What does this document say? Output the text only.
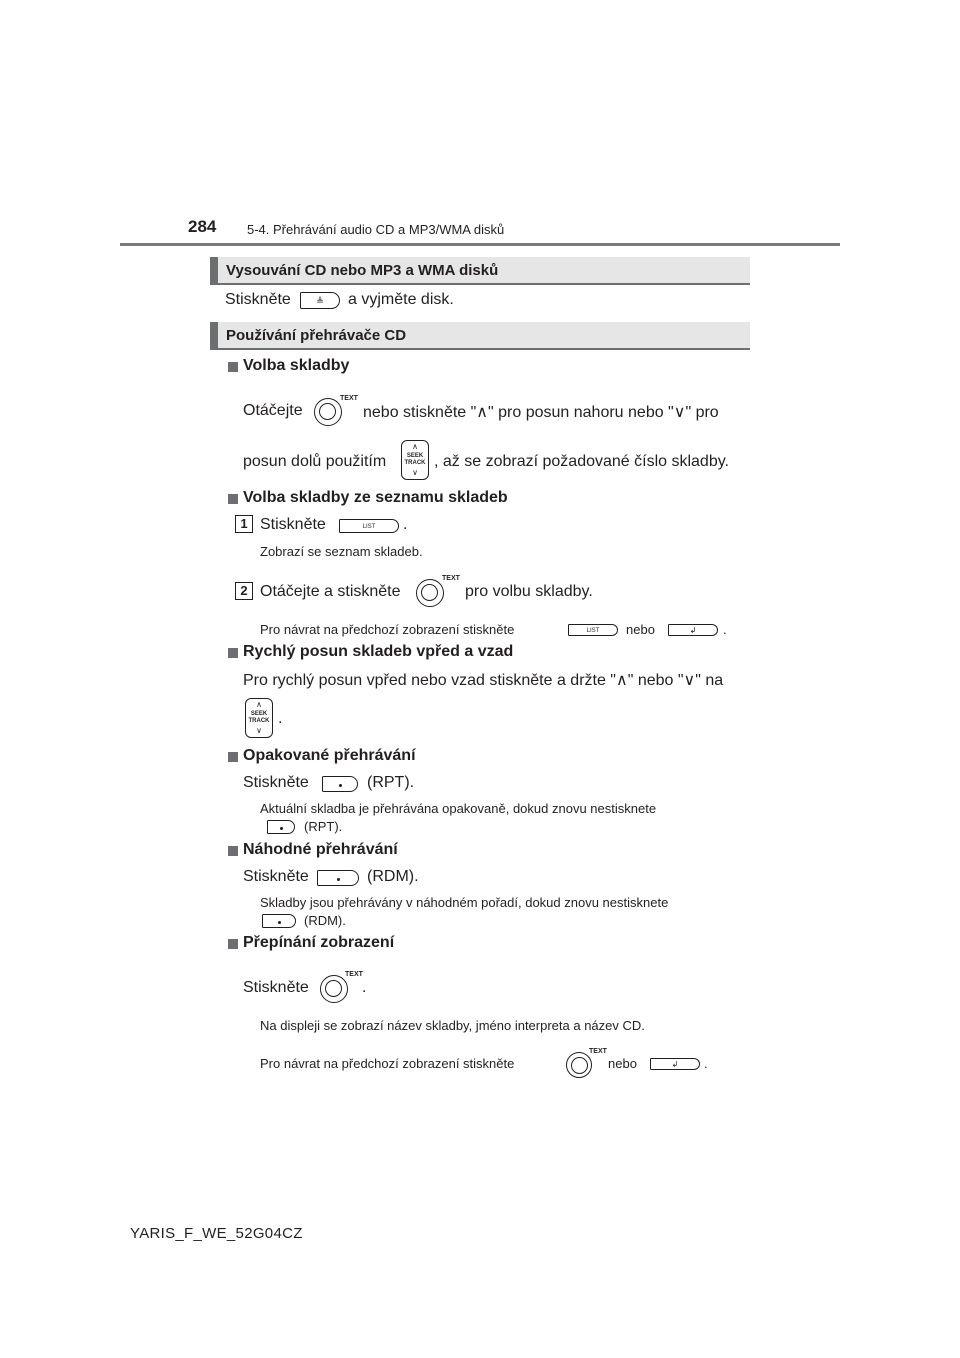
284 5-4. Přehrávání audio CD a MP3/WMA disků
Vysouvání CD nebo MP3 a WMA disků
Stiskněte	≜	a vyjměte disk.
Používání přehrávače CD
Volba skladby
Otáčejte
TEXT
nebo stiskněte "∧" pro posun nahoru nebo "∨" pro
posun dolů použitím
∧
SEEK
TRACK
∨
, až se zobrazí požadované číslo skladby.
Volba skladby ze seznamu skladeb
1 Stiskněte	LIST	.
Zobrazí se seznam skladeb.
2 Otáčejte a stiskněte
TEXT
pro volbu skladby.
Pro návrat na předchozí zobrazení stiskněte	LIST	nebo	↲	.
Rychlý posun skladeb vpřed a vzad
Pro rychlý posun vpřed nebo vzad stiskněte a držte "∧" nebo "∨" na
∧
SEEK
TRACK
∨
.
Opakované přehrávání
Stiskněte	(RPT).
Aktuální skladba je přehrávána opakovaně, dokud znovu nestisknete
(RPT).
Náhodné přehrávání
Stiskněte	(RDM).
Skladby jsou přehrávány v náhodném pořadí, dokud znovu nestisknete
(RDM).
Přepínání zobrazení
Stiskněte
TEXT
.
Na displeji se zobrazí název skladby, jméno interpreta a název CD.
Pro návrat na předchozí zobrazení stiskněte
TEXT
nebo	↲	.
YARIS_F_WE_52G04CZ
